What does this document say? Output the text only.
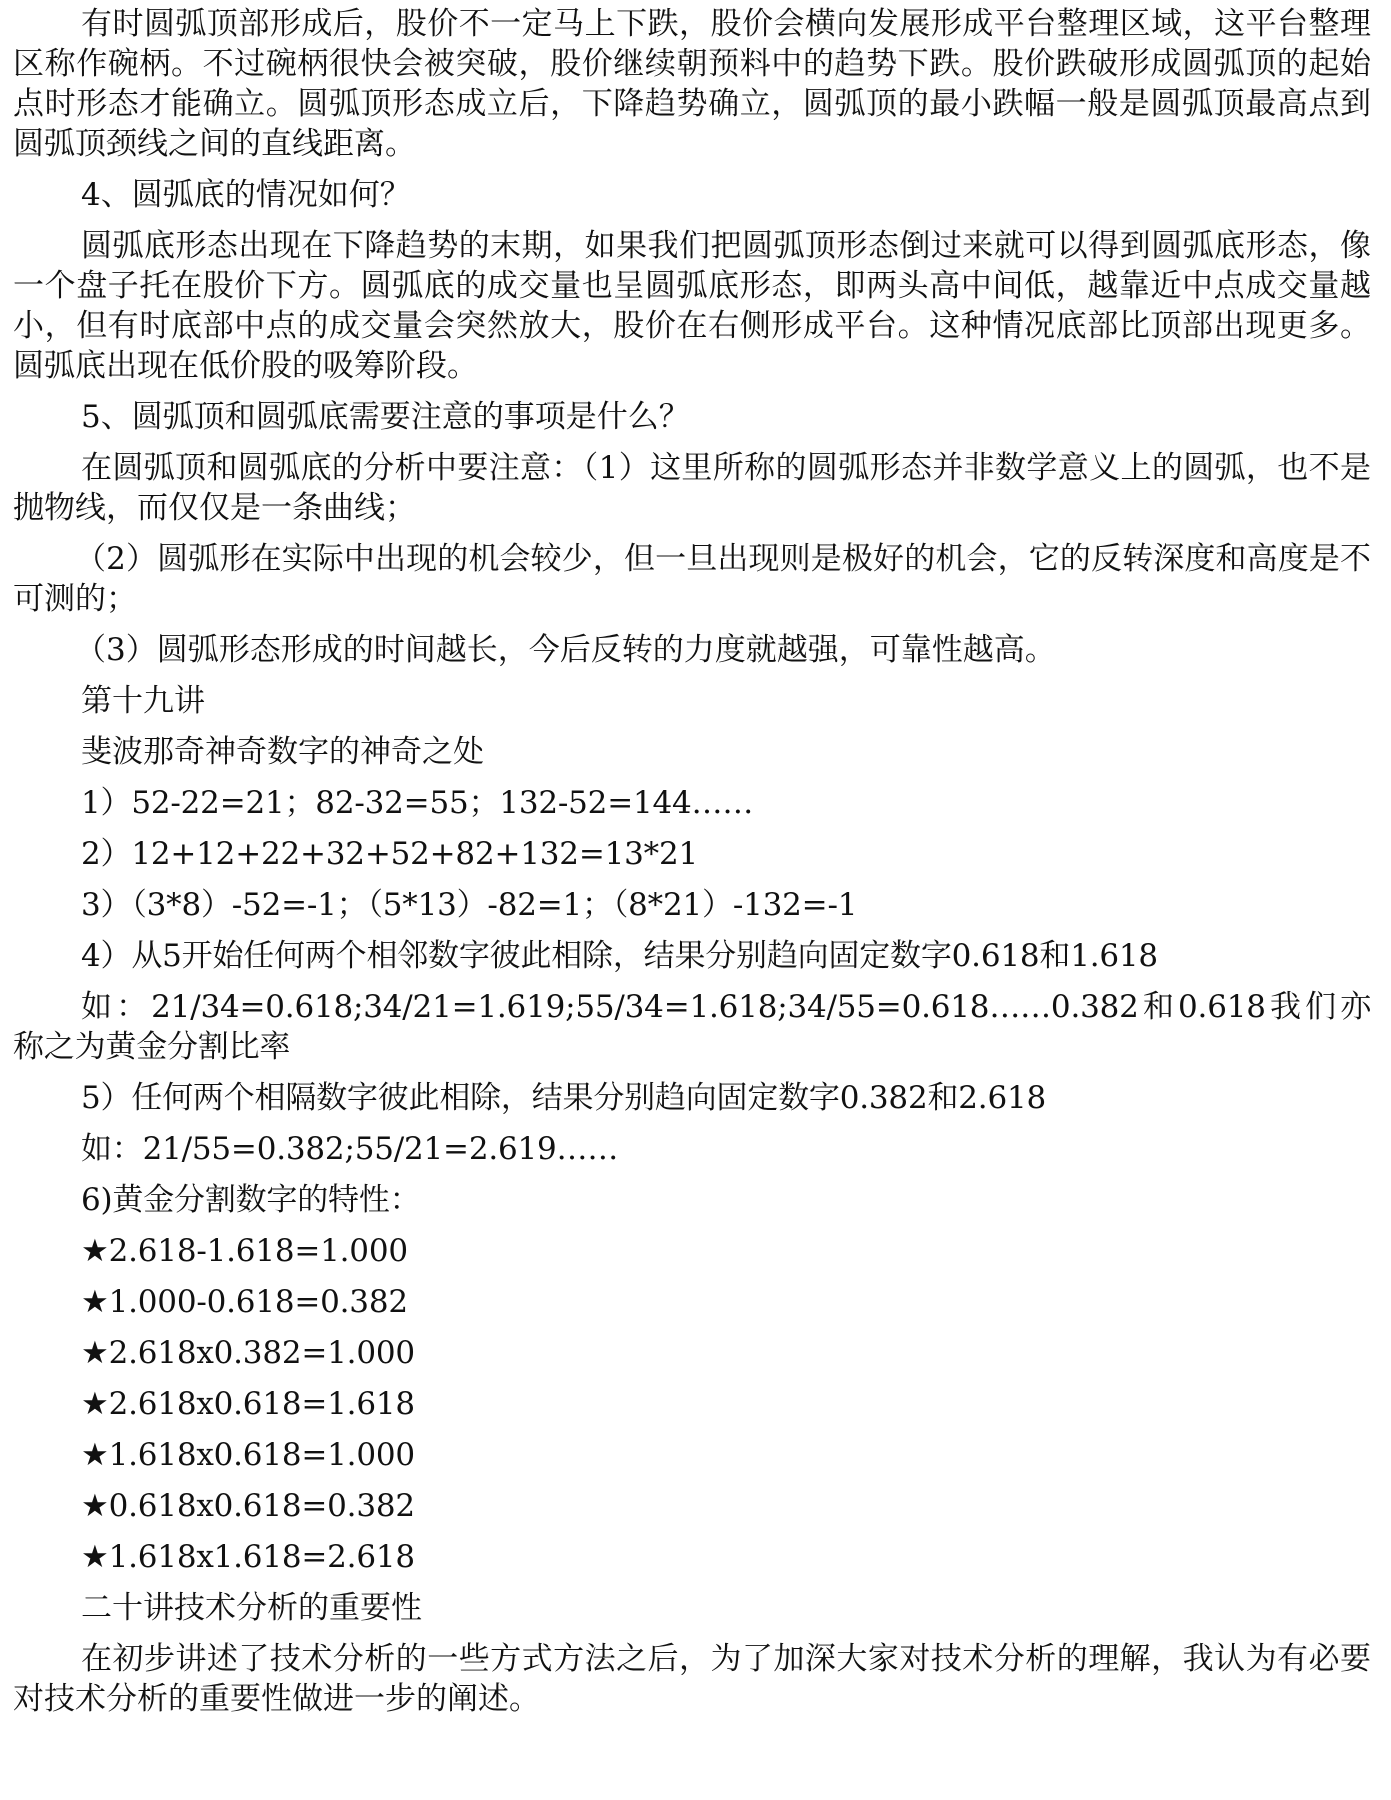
有时圆弧顶部形成后，股价不一定马上下跌，股价会横向发展形成平台整理区域，这平台整理区称作碗柄。不过碗柄很快会被突破，股价继续朝预料中的趋势下跌。股价跌破形成圆弧顶的起始点时形态才能确立。圆弧顶形态成立后，下降趋势确立，圆弧顶的最小跌幅一般是圆弧顶最高点到圆弧顶颈线之间的直线距离。
4、圆弧底的情况如何？
圆弧底形态出现在下降趋势的末期，如果我们把圆弧顶形态倒过来就可以得到圆弧底形态，像一个盘子托在股价下方。圆弧底的成交量也呈圆弧底形态，即两头高中间低，越靠近中点成交量越小，但有时底部中点的成交量会突然放大，股价在右侧形成平台。这种情况底部比顶部出现更多。圆弧底出现在低价股的吸筹阶段。
5、圆弧顶和圆弧底需要注意的事项是什么？
在圆弧顶和圆弧底的分析中要注意：（1）这里所称的圆弧形态并非数学意义上的圆弧，也不是抛物线，而仅仅是一条曲线；
（2）圆弧形在实际中出现的机会较少，但一旦出现则是极好的机会，它的反转深度和高度是不可测的；
（3）圆弧形态形成的时间越长，今后反转的力度就越强，可靠性越高。
第十九讲
斐波那奇神奇数字的神奇之处
1）52-22=21；82-32=55；132-52=144……
2）12+12+22+32+52+82+132=13*21
3）（3*8）-52=-1；（5*13）-82=1；（8*21）-132=-1
4）从5开始任何两个相邻数字彼此相除，结果分别趋向固定数字0.618和1.618
如：21/34=0.618;34/21=1.619;55/34=1.618;34/55=0.618……0.382和0.618我们亦称之为黄金分割比率
5）任何两个相隔数字彼此相除，结果分别趋向固定数字0.382和2.618
如：21/55=0.382;55/21=2.619……
6)黄金分割数字的特性：
★2.618-1.618=1.000
★1.000-0.618=0.382
★2.618x0.382=1.000
★2.618x0.618=1.618
★1.618x0.618=1.000
★0.618x0.618=0.382
★1.618x1.618=2.618
二十讲技术分析的重要性
在初步讲述了技术分析的一些方式方法之后，为了加深大家对技术分析的理解，我认为有必要对技术分析的重要性做进一步的阐述。
